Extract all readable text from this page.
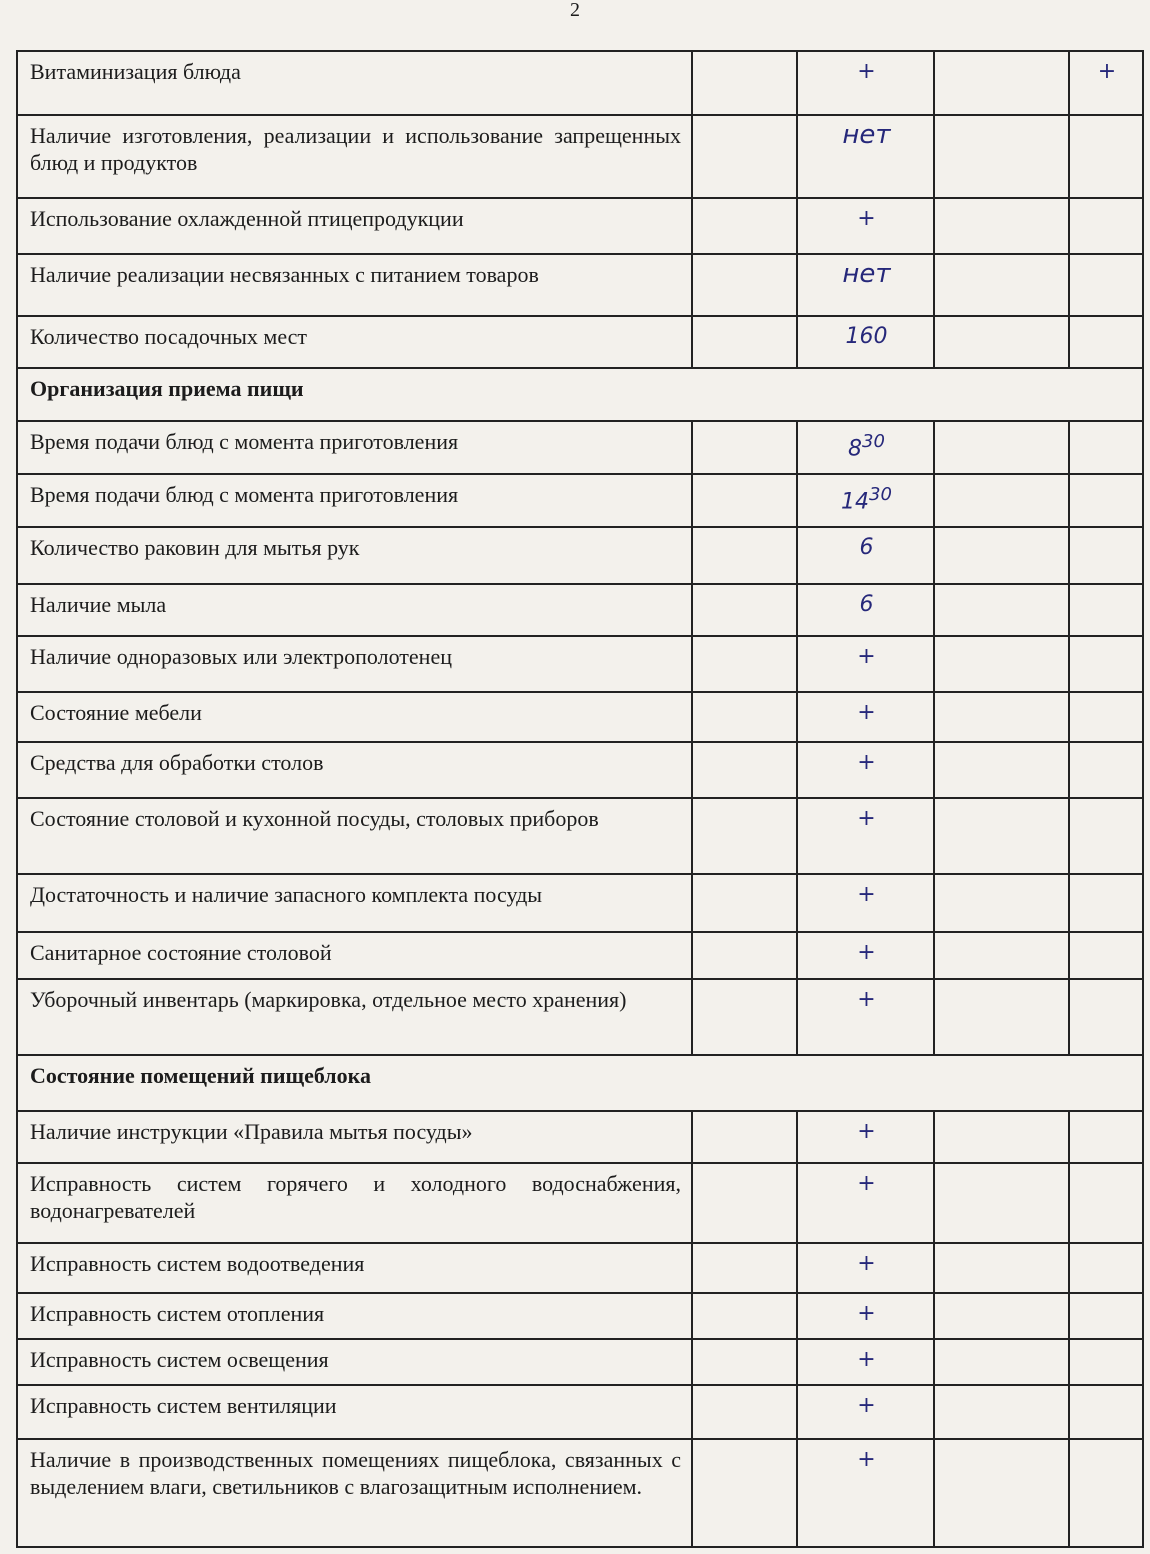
2
Витаминизация блюда		+		+
Наличие изготовления, реализации и использование запрещенных блюд и продуктов		нет		
Использование охлажденной птицепродукции		+		
Наличие реализации несвязанных с питанием товаров		нет		
Количество посадочных мест		160		
Организация приема пищи				
Время подачи блюд с момента приготовления		$8^{30}$		
Время подачи блюд с момента приготовления		$14^{30}$		
Количество раковин для мытья рук		6		
Наличие мыла		6		
Наличие одноразовых или электрополотенец		+		
Состояние мебели		+		
Средства для обработки столов		+		
Состояние столовой и кухонной посуды, столовых приборов		+		
Достаточность и наличие запасного комплекта посуды		+		
Санитарное состояние столовой		+		
Уборочный инвентарь (маркировка, отдельное место хранения)		+		
Состояние помещений пищеблока				
Наличие инструкции «Правила мытья посуды»		+		
Исправность систем горячего и холодного водоснабжения, водонагревателей		+		
Исправность систем водоотведения		+		
Исправность систем отопления		+		
Исправность систем освещения		+		
Исправность систем вентиляции		+		
Наличие в производственных помещениях пищеблока, связанных с выделением влаги, светильников с влагозащитным исполнением.		+		
